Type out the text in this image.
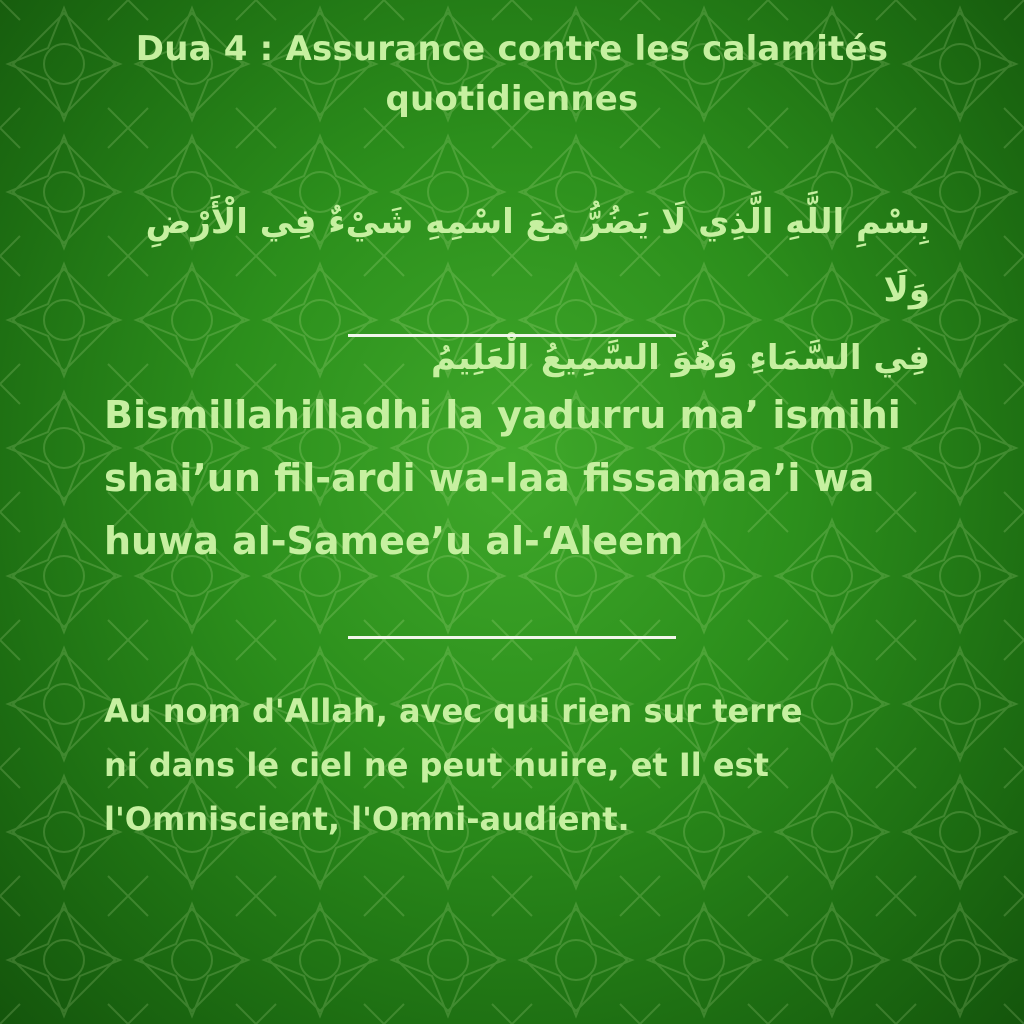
Dua 4 : Assurance contre les calamités
quotidiennes
بِسْمِ اللَّهِ الَّذِي لَا يَضُرُّ مَعَ اسْمِهِ شَيْءٌ فِي الْأَرْضِ وَلَا
فِي السَّمَاءِ وَهُوَ السَّمِيعُ الْعَلِيمُ
Bismillahilladhi la yadurru ma’ ismihi
shai’un fil-ardi wa-laa fissamaa’i wa
huwa al-Samee’u al-‘Aleem
Au nom d'Allah, avec qui rien sur terre
ni dans le ciel ne peut nuire, et Il est
l'Omniscient, l'Omni-audient.
